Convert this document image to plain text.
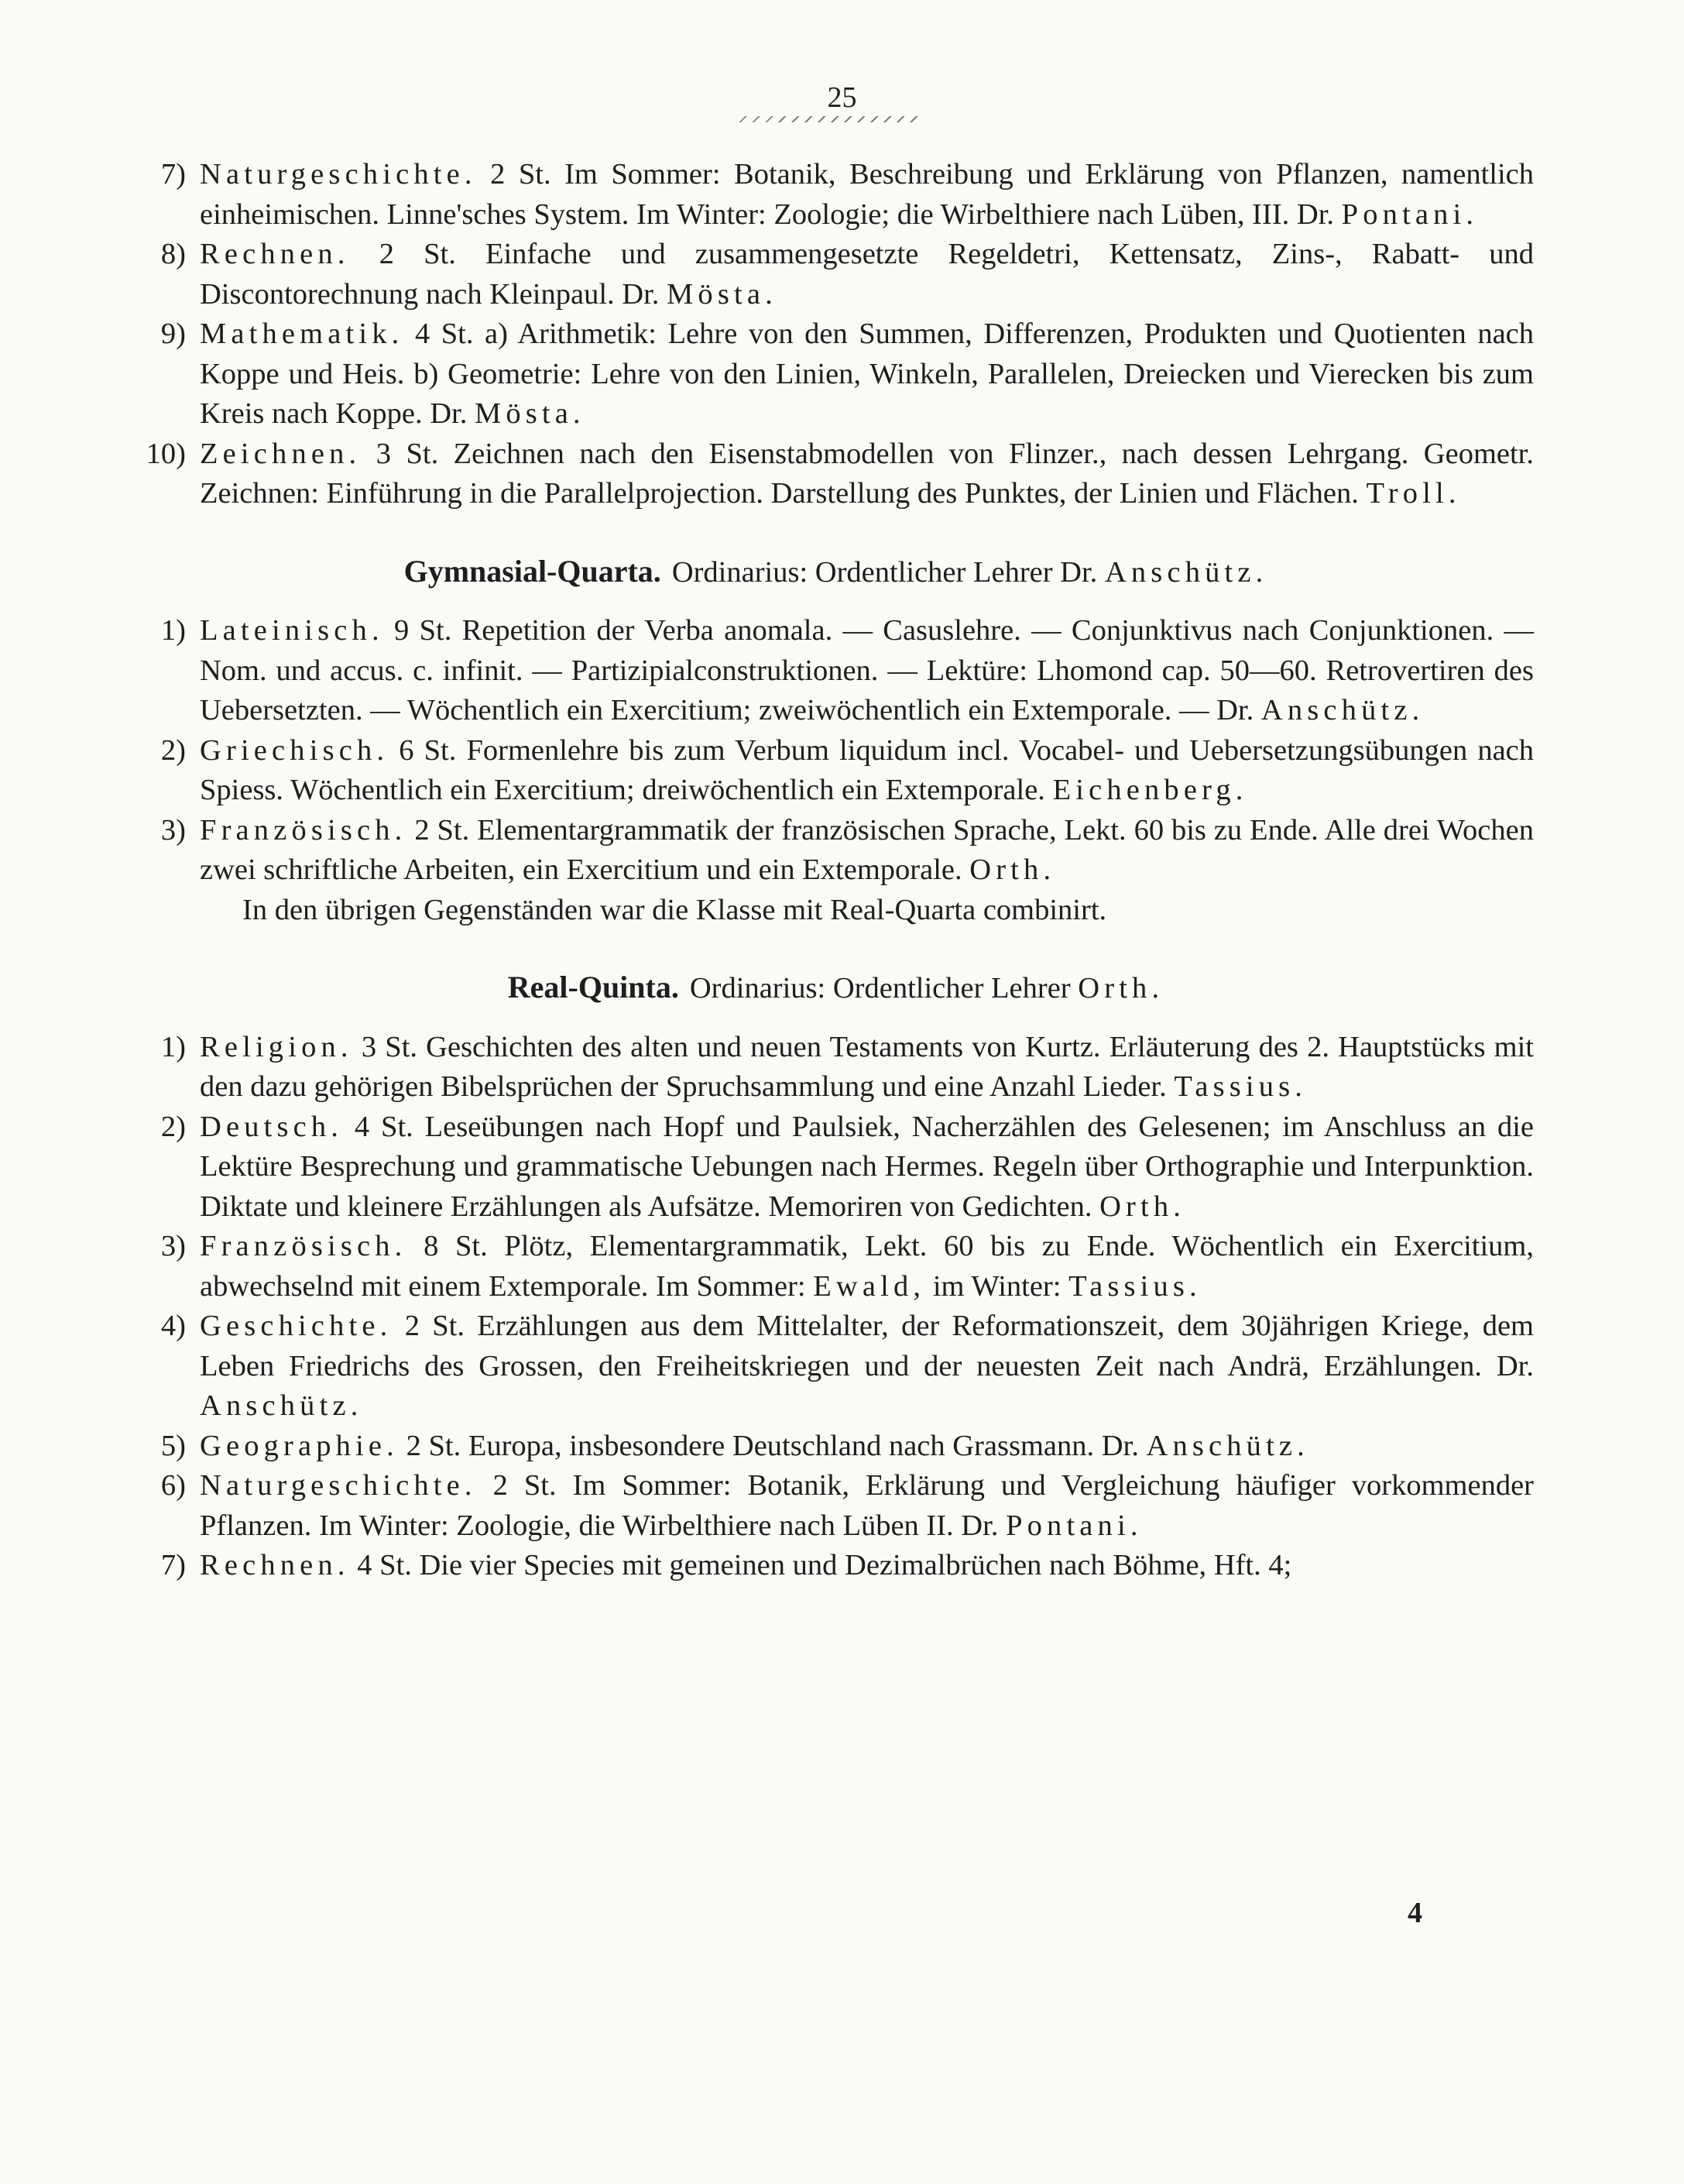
25
7) Naturgeschichte. 2 St. Im Sommer: Botanik, Beschreibung und Erklärung von Pflanzen, namentlich einheimischen. Linne'sches System. Im Winter: Zoologie; die Wirbelthiere nach Lüben, III. Dr. Pontani.
8) Rechnen. 2 St. Einfache und zusammengesetzte Regeldetri, Kettensatz, Zins-, Rabatt- und Discontorechnung nach Kleinpaul. Dr. Mösta.
9) Mathematik. 4 St. a) Arithmetik: Lehre von den Summen, Differenzen, Produkten und Quotienten nach Koppe und Heis. b) Geometrie: Lehre von den Linien, Winkeln, Parallelen, Dreiecken und Vierecken bis zum Kreis nach Koppe. Dr. Mösta.
10) Zeichnen. 3 St. Zeichnen nach den Eisenstabmodellen von Flinzer., nach dessen Lehrgang. Geometr. Zeichnen: Einführung in die Parallelprojection. Darstellung des Punktes, der Linien und Flächen. Troll.
Gymnasial-Quarta. Ordinarius: Ordentlicher Lehrer Dr. Anschütz.
1) Lateinisch. 9 St. Repetition der Verba anomala. — Casuslehre. — Conjunktivus nach Conjunktionen. — Nom. und accus. c. infinit. — Partizipialconstruktionen. — Lektüre: Lhomond cap. 50—60. Retrovertiren des Uebersetzten. — Wöchentlich ein Exercitium; zweiwöchentlich ein Extemporale. — Dr. Anschütz.
2) Griechisch. 6 St. Formenlehre bis zum Verbum liquidum incl. Vocabel- und Uebersetzungsübungen nach Spiess. Wöchentlich ein Exercitium; dreiwöchentlich ein Extemporale. Eichenberg.
3) Französisch. 2 St. Elementargrammatik der französischen Sprache, Lekt. 60 bis zu Ende. Alle drei Wochen zwei schriftliche Arbeiten, ein Exercitium und ein Extemporale. Orth.
In den übrigen Gegenständen war die Klasse mit Real-Quarta combinirt.
Real-Quinta. Ordinarius: Ordentlicher Lehrer Orth.
1) Religion. 3 St. Geschichten des alten und neuen Testaments von Kurtz. Erläuterung des 2. Hauptstücks mit den dazu gehörigen Bibelsprüchen der Spruchsammlung und eine Anzahl Lieder. Tassius.
2) Deutsch. 4 St. Leseübungen nach Hopf und Paulsiek, Nacherzählen des Gelesenen; im Anschluss an die Lektüre Besprechung und grammatische Uebungen nach Hermes. Regeln über Orthographie und Interpunktion. Diktate und kleinere Erzählungen als Aufsätze. Memoriren von Gedichten. Orth.
3) Französisch. 8 St. Plötz, Elementargrammatik, Lekt. 60 bis zu Ende. Wöchentlich ein Exercitium, abwechselnd mit einem Extemporale. Im Sommer: Ewald, im Winter: Tassius.
4) Geschichte. 2 St. Erzählungen aus dem Mittelalter, der Reformationszeit, dem 30jährigen Kriege, dem Leben Friedrichs des Grossen, den Freiheitskriegen und der neuesten Zeit nach Andrä, Erzählungen. Dr. Anschütz.
5) Geographie. 2 St. Europa, insbesondere Deutschland nach Grassmann. Dr. Anschütz.
6) Naturgeschichte. 2 St. Im Sommer: Botanik, Erklärung und Vergleichung häufiger vorkommender Pflanzen. Im Winter: Zoologie, die Wirbelthiere nach Lüben II. Dr. Pontani.
7) Rechnen. 4 St. Die vier Species mit gemeinen und Dezimalbrüchen nach Böhme, Hft. 4;
4
